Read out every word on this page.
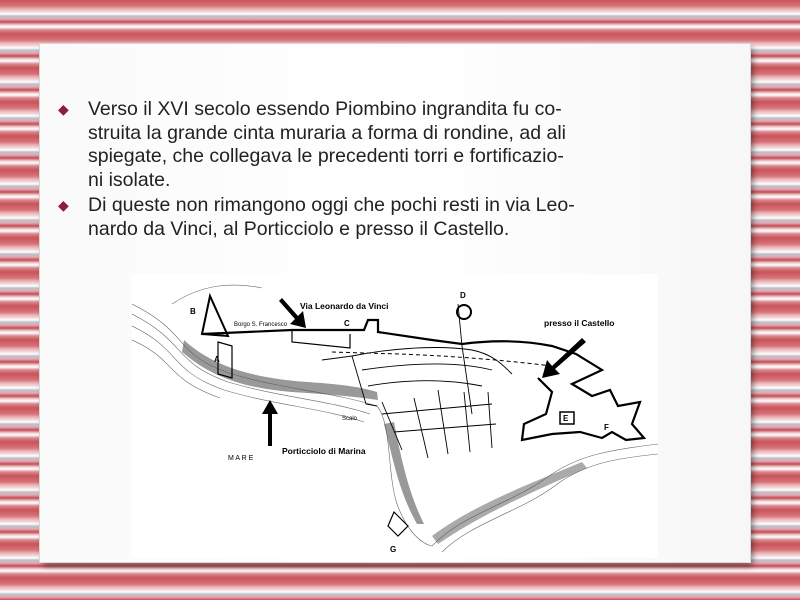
◆ Verso il XVI secolo essendo Piombino ingrandita fu co-
struita la grande cinta muraria a forma di rondine, ad ali
spiegate, che collegava le precedenti torri e fortificazio-
ni isolate.
◆ Di queste non rimangono oggi che pochi resti in via Leo-
nardo da Vinci, al Porticciolo e presso il Castello.
Via Leonardo da Vinci
presso il Castello
Porticciolo di Marina
Borgo S. Francesco
M A R E
Scalo
B
A
C
D
E
F
G
